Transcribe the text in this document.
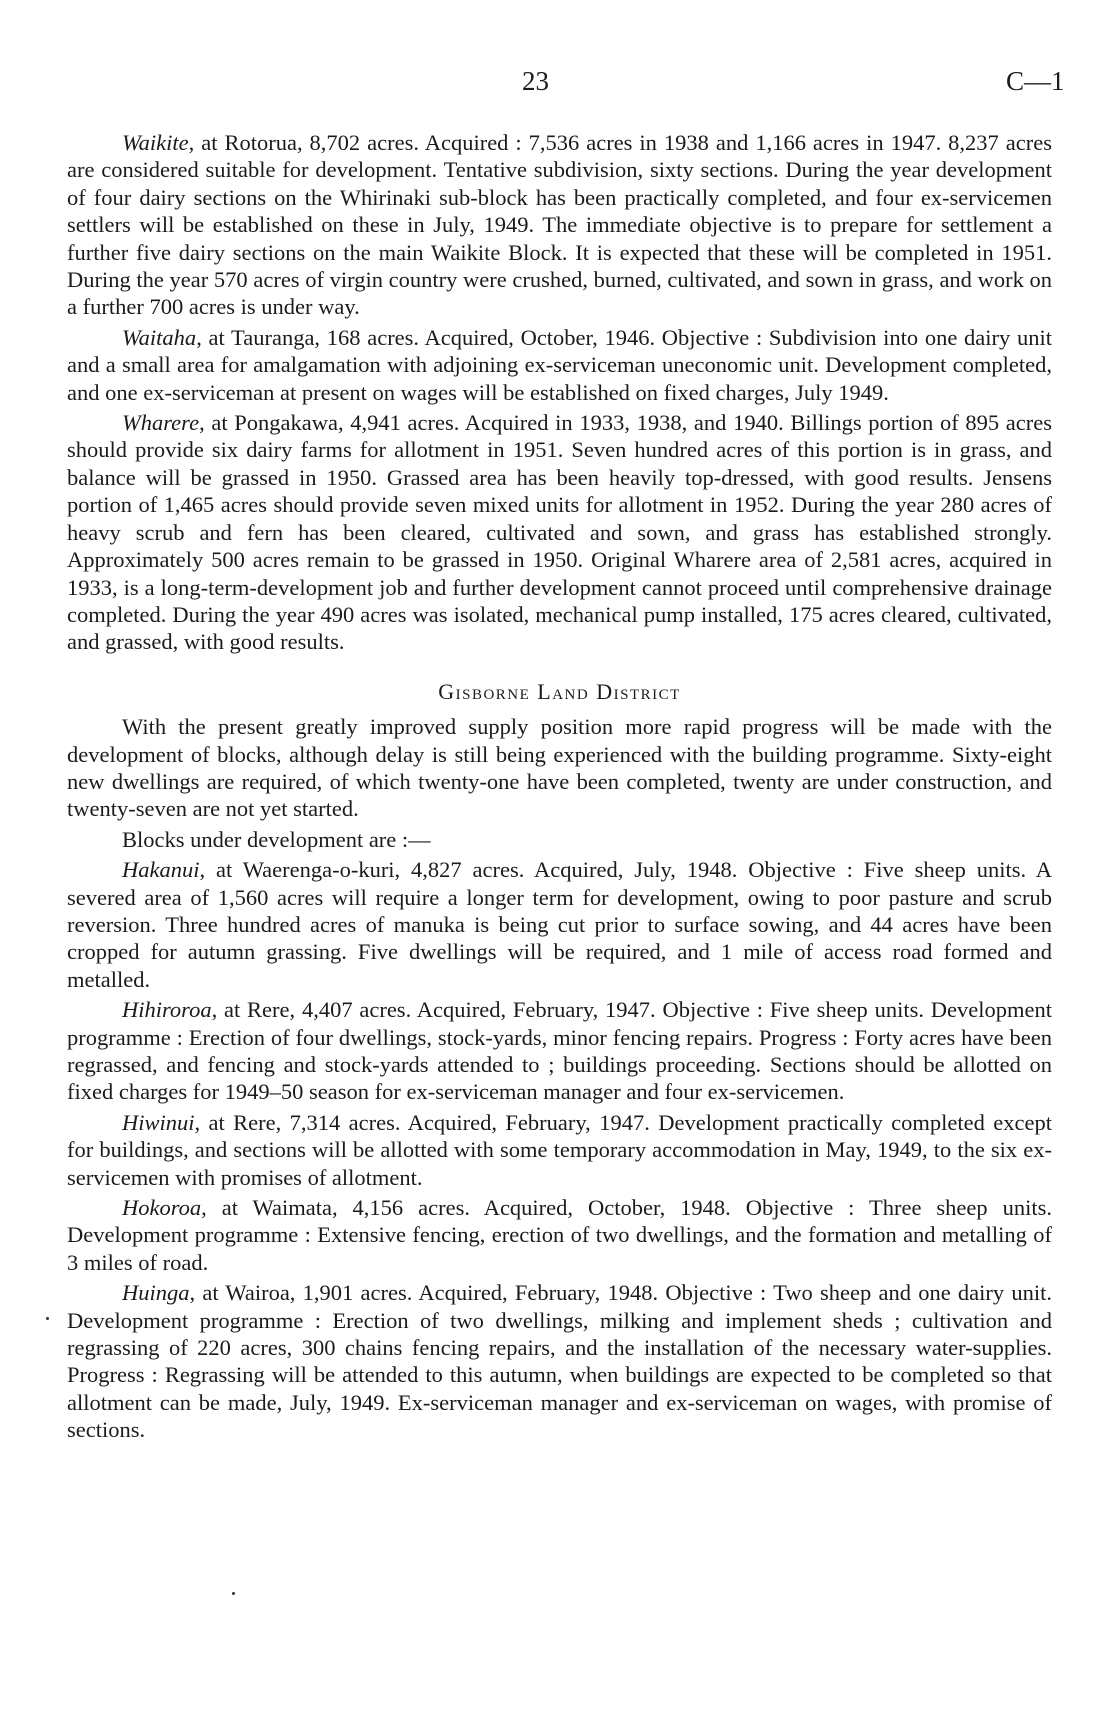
23	C—1

Waikite, at Rotorua, 8,702 acres. Acquired : 7,536 acres in 1938 and 1,166 acres in 1947. 8,237 acres are considered suitable for development. Tentative subdivision, sixty sections. During the year development of four dairy sections on the Whirinaki sub-block has been practically completed, and four ex-servicemen settlers will be established on these in July, 1949. The immediate objective is to prepare for settlement a further five dairy sections on the main Waikite Block. It is expected that these will be completed in 1951. During the year 570 acres of virgin country were crushed, burned, cultivated, and sown in grass, and work on a further 700 acres is under way.

Waitaha, at Tauranga, 168 acres. Acquired, October, 1946. Objective : Subdivision into one dairy unit and a small area for amalgamation with adjoining ex-serviceman uneconomic unit. Development completed, and one ex-serviceman at present on wages will be established on fixed charges, July 1949.

Wharere, at Pongakawa, 4,941 acres. Acquired in 1933, 1938, and 1940. Billings portion of 895 acres should provide six dairy farms for allotment in 1951. Seven hundred acres of this portion is in grass, and balance will be grassed in 1950. Grassed area has been heavily top-dressed, with good results. Jensens portion of 1,465 acres should provide seven mixed units for allotment in 1952. During the year 280 acres of heavy scrub and fern has been cleared, cultivated and sown, and grass has established strongly. Approximately 500 acres remain to be grassed in 1950. Original Wharere area of 2,581 acres, acquired in 1933, is a long-term-development job and further development cannot proceed until comprehensive drainage completed. During the year 490 acres was isolated, mechanical pump installed, 175 acres cleared, cultivated, and grassed, with good results.

Gisborne Land District

With the present greatly improved supply position more rapid progress will be made with the development of blocks, although delay is still being experienced with the building programme. Sixty-eight new dwellings are required, of which twenty-one have been completed, twenty are under construction, and twenty-seven are not yet started.

Blocks under development are :—

Hakanui, at Waerenga-o-kuri, 4,827 acres. Acquired, July, 1948. Objective : Five sheep units. A severed area of 1,560 acres will require a longer term for development, owing to poor pasture and scrub reversion. Three hundred acres of manuka is being cut prior to surface sowing, and 44 acres have been cropped for autumn grassing. Five dwellings will be required, and 1 mile of access road formed and metalled.

Hihiroroa, at Rere, 4,407 acres. Acquired, February, 1947. Objective : Five sheep units. Development programme : Erection of four dwellings, stock-yards, minor fencing repairs. Progress : Forty acres have been regrassed, and fencing and stock-yards attended to ; buildings proceeding. Sections should be allotted on fixed charges for 1949–50 season for ex-serviceman manager and four ex-servicemen.

Hiwinui, at Rere, 7,314 acres. Acquired, February, 1947. Development practically completed except for buildings, and sections will be allotted with some temporary accommodation in May, 1949, to the six ex-servicemen with promises of allotment.

Hokoroa, at Waimata, 4,156 acres. Acquired, October, 1948. Objective : Three sheep units. Development programme : Extensive fencing, erection of two dwellings, and the formation and metalling of 3 miles of road.

Huinga, at Wairoa, 1,901 acres. Acquired, February, 1948. Objective : Two sheep and one dairy unit. Development programme : Erection of two dwellings, milking and implement sheds ; cultivation and regrassing of 220 acres, 300 chains fencing repairs, and the installation of the necessary water-supplies. Progress : Regrassing will be attended to this autumn, when buildings are expected to be completed so that allotment can be made, July, 1949. Ex-serviceman manager and ex-serviceman on wages, with promise of sections.
